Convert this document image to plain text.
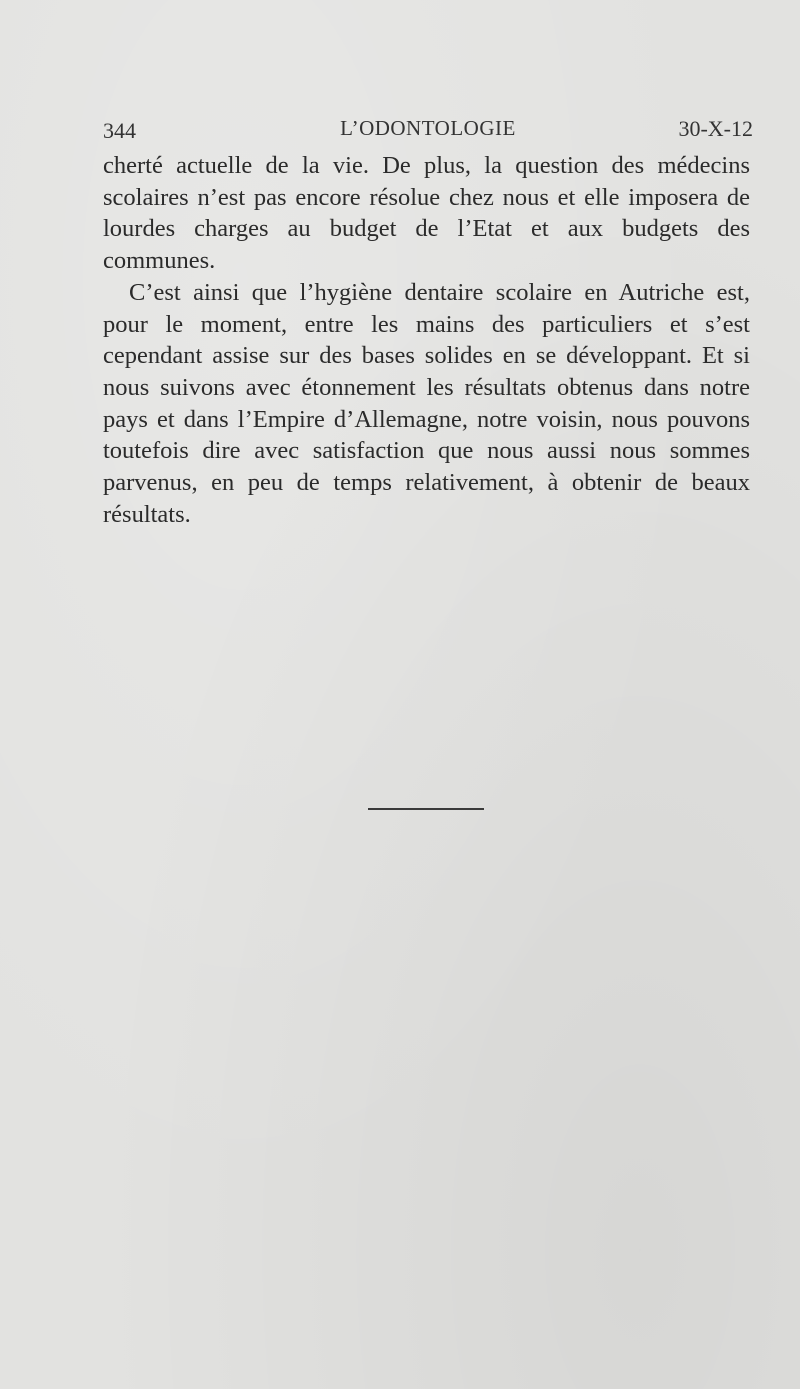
344	L’ODONTOLOGIE	30-X-12

cherté actuelle de la vie. De plus, la question des médecins scolaires n’est pas encore résolue chez nous et elle imposera de lourdes charges au budget de l’Etat et aux budgets des communes.

C’est ainsi que l’hygiène dentaire scolaire en Autriche est, pour le moment, entre les mains des particuliers et s’est cependant assise sur des bases solides en se développant. Et si nous suivons avec étonnement les résultats obtenus dans notre pays et dans l’Empire d’Allemagne, notre voisin, nous pouvons toutefois dire avec satisfaction que nous aussi nous sommes parvenus, en peu de temps relativement, à obtenir de beaux résultats.
